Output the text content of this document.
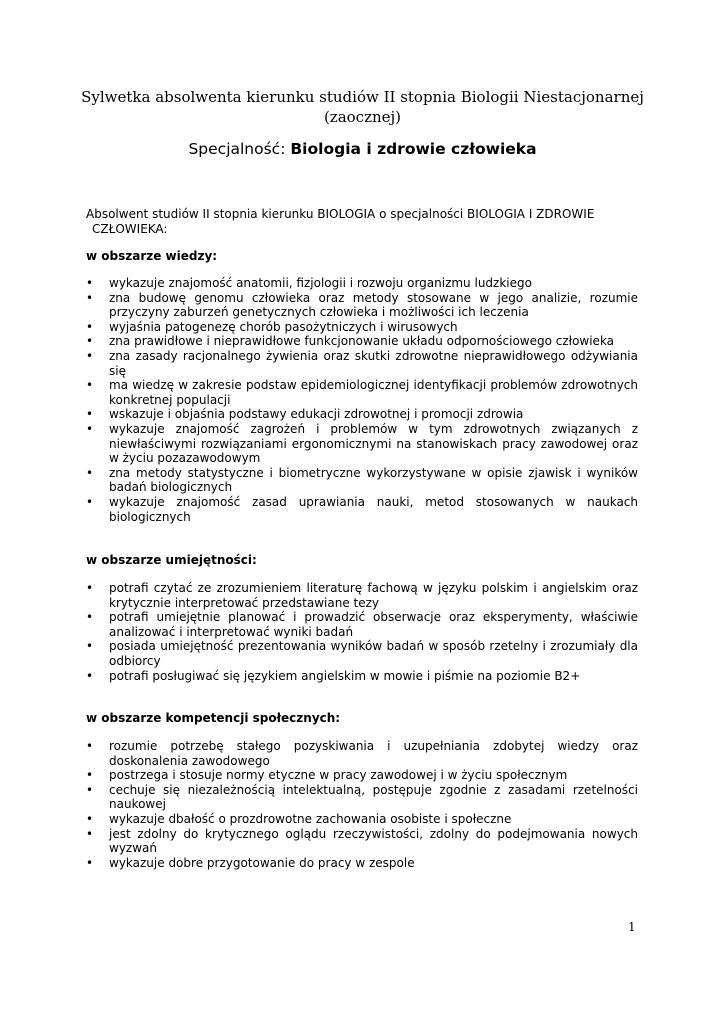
Sylwetka absolwenta kierunku studiów II stopnia Biologii Niestacjonarnej
(zaocznej)
Specjalność: Biologia i zdrowie człowieka
Absolwent studiów II stopnia kierunku BIOLOGIA o specjalności BIOLOGIA I ZDROWIE
CZŁOWIEKA:
w obszarze wiedzy:
• wykazuje znajomość anatomii, fizjologii i rozwoju organizmu ludzkiego
• zna budowę genomu człowieka oraz metody stosowane w jego analizie, rozumie przyczyny zaburzeń genetycznych człowieka i możliwości ich leczenia
• wyjaśnia patogenezę chorób pasożytniczych i wirusowych
• zna prawidłowe i nieprawidłowe funkcjonowanie układu odpornościowego człowieka
• zna zasady racjonalnego żywienia oraz skutki zdrowotne nieprawidłowego odżywiania się
• ma wiedzę w zakresie podstaw epidemiologicznej identyfikacji problemów zdrowotnych konkretnej populacji
• wskazuje i objaśnia podstawy edukacji zdrowotnej i promocji zdrowia
• wykazuje znajomość zagrożeń i problemów w tym zdrowotnych związanych z niewłaściwymi rozwiązaniami ergonomicznymi na stanowiskach pracy zawodowej oraz w życiu pozazawodowym
• zna metody statystyczne i biometryczne wykorzystywane w opisie zjawisk i wyników badań biologicznych
• wykazuje znajomość zasad uprawiania nauki, metod stosowanych w naukach biologicznych
w obszarze umiejętności:
• potrafi czytać ze zrozumieniem literaturę fachową w języku polskim i angielskim oraz krytycznie interpretować przedstawiane tezy
• potrafi umiejętnie planować i prowadzić obserwacje oraz eksperymenty, właściwie analizować i interpretować wyniki badań
• posiada umiejętność prezentowania wyników badań w sposób rzetelny i zrozumiały dla odbiorcy
• potrafi posługiwać się językiem angielskim w mowie i piśmie na poziomie B2+
w obszarze kompetencji społecznych:
• rozumie potrzebę stałego pozyskiwania i uzupełniania zdobytej wiedzy oraz doskonalenia zawodowego
• postrzega i stosuje normy etyczne w pracy zawodowej i w życiu społecznym
• cechuje się niezależnością intelektualną, postępuje zgodnie z zasadami rzetelności naukowej
• wykazuje dbałość o prozdrowotne zachowania osobiste i społeczne
• jest zdolny do krytycznego oglądu rzeczywistości, zdolny do podejmowania nowych wyzwań
• wykazuje dobre przygotowanie do pracy w zespole
1
